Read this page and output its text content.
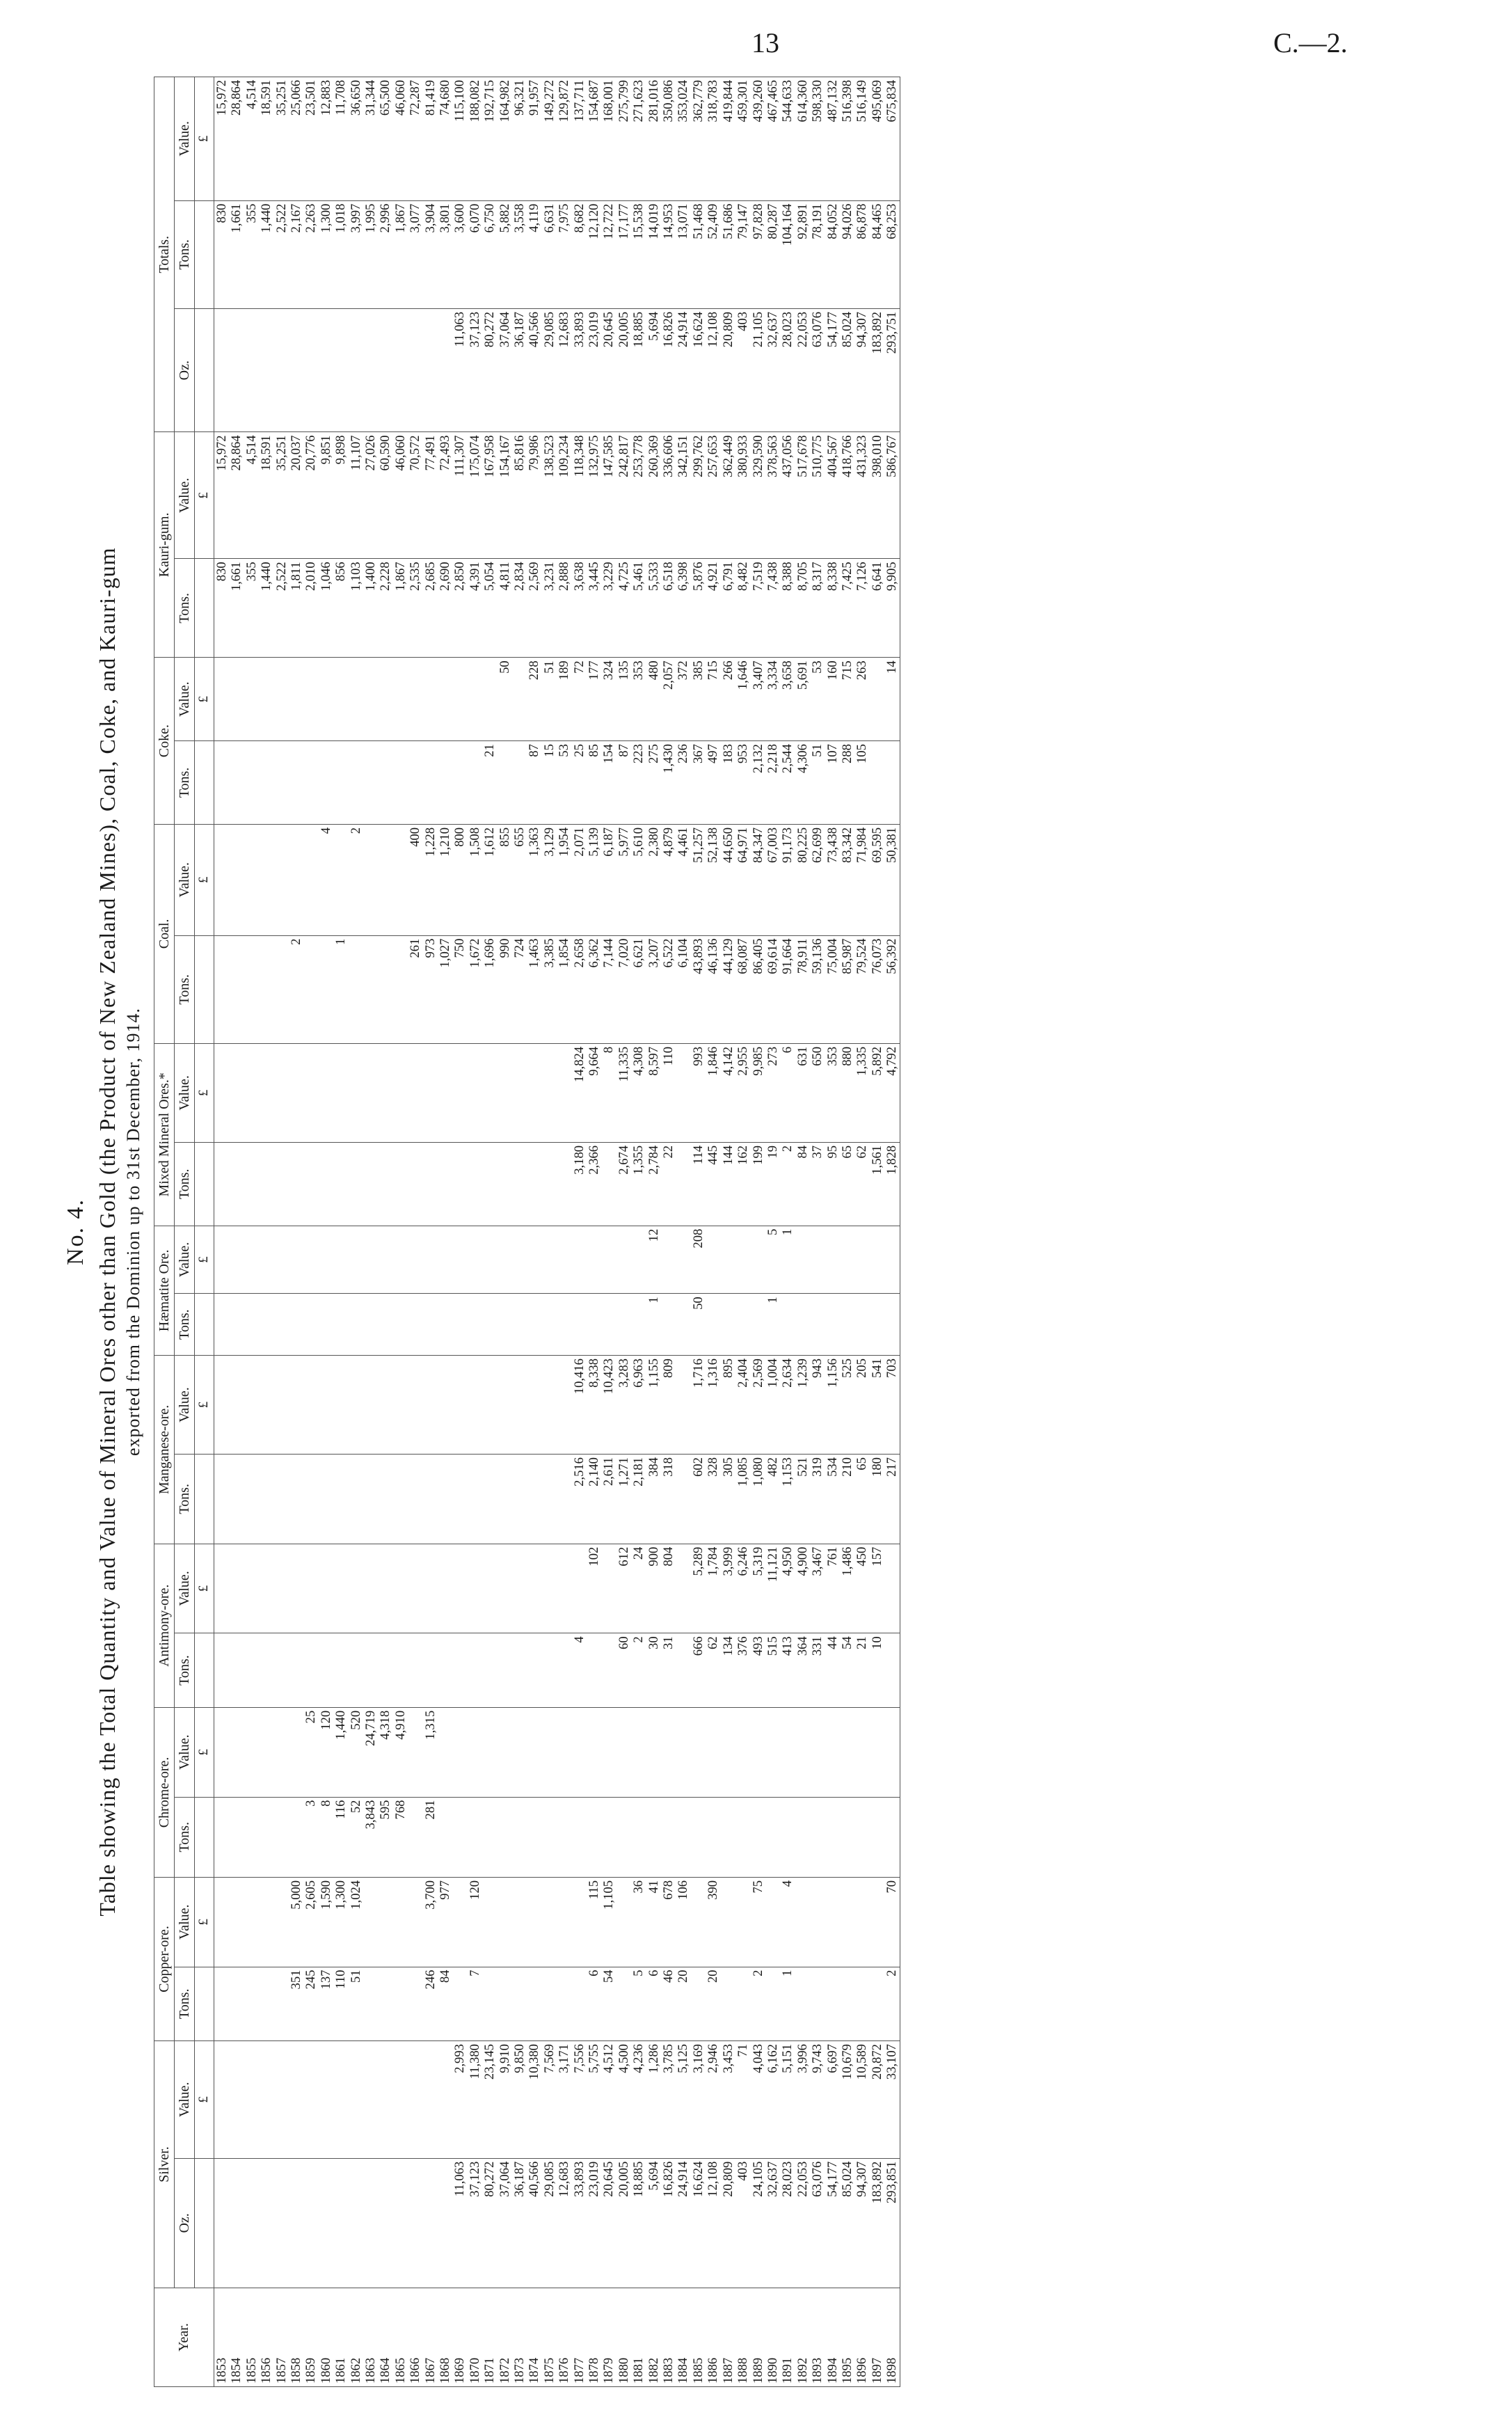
13	C.—2.
No. 4. Table showing the Total Quantity and Value of Mineral Ores other than Gold (the Product of New Zealand Mines), Coal, Coke, and Kauri-gum exported from the Dominion up to 31st December, 1914.
Year.	Silver.		Copper-ore.		Chrome-ore.		Antimony-ore.		Manganese-ore.		Hæmatite Ore.		Mixed Mineral Ores.*		Coal.		Coke.		Kauri-gum.		Totals.		
	Oz.	Value.	Tons.	Value.	Tons.	Value.	Tons.	Value.	Tons.	Value.	Tons.	Value.	Tons.	Value.	Tons.	Value.	Tons.	Value.	Tons.	Value.	Oz.	Tons.	Value.
		£		£		£		£		£		£		£		£		£		£			£
1853																			830	15,972		830	15,972
1854																			1,661	28,864		1,661	28,864
1855																			355	4,514		355	4,514
1856																			1,440	18,591		1,440	18,591
1857																			2,522	35,251		2,522	35,251
1858			351	5,000											2				1,811	20,037		2,167	25,066
1859			245	2,605	3	25													2,010	20,776		2,263	23,501
1860			137	1,590	8	120										4			1,046	9,851		1,300	12,883
1861			110	1,300	116	1,440									1				856	9,898		1,018	11,708
1862			51	1,024	52	520										2			1,103	11,107		3,997	36,650
1863					3,843	24,719													1,400	27,026		1,995	31,344
1864					595	4,318													2,228	60,590		2,996	65,500
1865					768	4,910													1,867	46,060		1,867	46,060
1866															261	400			2,535	70,572		3,077	72,287
1867			246	3,700	281	1,315									973	1,228			2,685	77,491		3,904	81,419
1868			84	977											1,027	1,210			2,690	72,493		3,801	74,680
1869	11,063	2,993													750	800			2,850	111,307	11,063	3,600	115,100
1870	37,123	11,380	7	120											1,672	1,508			4,391	175,074	37,123	6,070	188,082
1871	80,272	23,145													1,696	1,612	21		5,054	167,958	80,272	6,750	192,715
1872	37,064	9,910													990	855		50	4,811	154,167	37,064	5,882	164,982
1873	36,187	9,850													724	655			2,834	85,816	36,187	3,558	96,321
1874	40,566	10,380													1,463	1,363	87	228	2,569	79,986	40,566	4,119	91,957
1875	29,085	7,569													3,385	3,129	15	51	3,231	138,523	29,085	6,631	149,272
1876	12,683	3,171													1,854	1,954	53	189	2,888	109,234	12,683	7,975	129,872
1877	33,893	7,556					4		2,516	10,416			3,180	14,824	2,658	2,071	25	72	3,638	118,348	33,893	8,682	137,711
1878	23,019	5,755	6	115				102	2,140	8,338			2,366	9,664	6,362	5,139	85	177	3,445	132,975	23,019	12,120	154,687
1879	20,645	4,512	54	1,105					2,611	10,423				8	7,144	6,187	154	324	3,229	147,585	20,645	12,722	168,001
1880	20,005	4,500					60	612	1,271	3,283			2,674	11,335	7,020	5,977	87	135	4,725	242,817	20,005	17,177	275,799
1881	18,885	4,236	5	36			2	24	2,181	6,963			1,355	4,308	6,621	5,610	223	353	5,461	253,778	18,885	15,538	271,623
1882	5,694	1,286	6	41			30	900	384	1,155	1	12	2,784	8,597	3,207	2,380	275	480	5,533	260,369	5,694	14,019	281,016
1883	16,826	3,785	46	678			31	804	318	809			22	110	6,522	4,879	1,430	2,057	6,518	336,606	16,826	14,953	350,086
1884	24,914	5,125	20	106											6,104	4,461	236	372	6,398	342,151	24,914	13,071	353,024
1885	16,624	3,169					666	5,289	602	1,716	50	208	114	993	43,893	51,257	367	385	5,876	299,762	16,624	51,468	362,779
1886	12,108	2,946	20	390			62	1,784	328	1,316			445	1,846	46,136	52,138	497	715	4,921	257,653	12,108	52,409	318,783
1887	20,809	3,453					134	3,999	305	895			144	4,142	44,129	44,650	183	266	6,791	362,449	20,809	51,686	419,844
1888	403	71					376	6,246	1,085	2,404			162	2,955	68,087	64,971	953	1,646	8,482	380,933	403	79,147	459,301
1889	24,105	4,043	2	75			493	5,319	1,080	2,569			199	9,985	86,405	84,347	2,132	3,407	7,519	329,590	21,105	97,828	439,260
1890	32,637	6,162					515	11,121	482	1,004	1	5	19	273	69,614	67,003	2,218	3,334	7,438	378,563	32,637	80,287	467,465
1891	28,023	5,151	1	4			413	4,950	1,153	2,634		1	2	6	91,664	91,173	2,544	3,658	8,388	437,056	28,023	104,164	544,633
1892	22,053	3,996					364	4,900	521	1,239			84	631	78,911	80,225	4,306	5,691	8,705	517,678	22,053	92,891	614,360
1893	63,076	9,743					331	3,467	319	943			37	650	59,136	62,699	51	53	8,317	510,775	63,076	78,191	598,330
1894	54,177	6,697					44	761	534	1,156			95	353	75,004	73,438	107	160	8,338	404,567	54,177	84,052	487,132
1895	85,024	10,679					54	1,486	210	525			65	880	85,987	83,342	288	715	7,425	418,766	85,024	94,026	516,398
1896	94,307	10,589					21	450	65	205			62	1,335	79,524	71,984	105	263	7,126	431,323	94,307	86,878	516,149
1897	183,892	20,872					10	157	180	541			1,561	5,892	76,073	69,595			6,641	398,010	183,892	84,465	495,069
1898	293,851	33,107	2	70					217	703			1,828	4,792	56,392	50,381		14	9,905	586,767	293,751	68,253	675,834
